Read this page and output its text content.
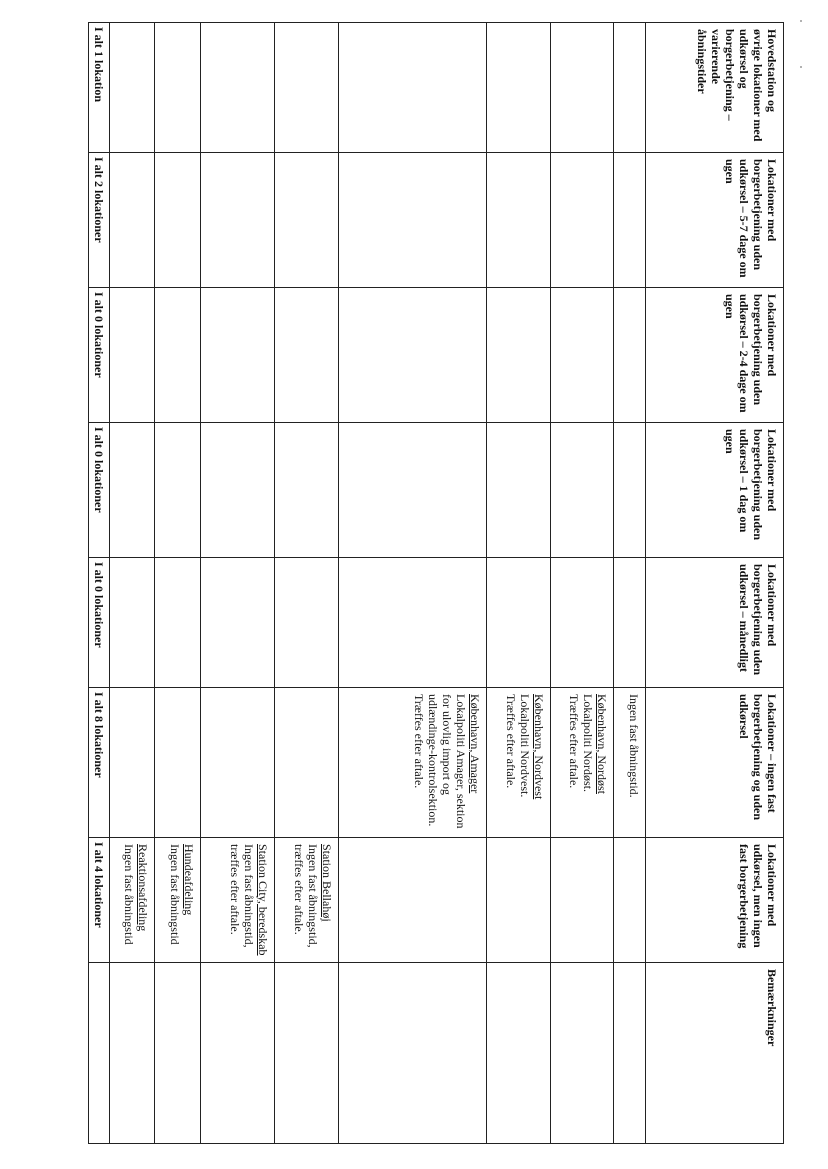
Hovedstation og øvrige lokationer med udkørsel og borgerbetjening – varierende åbningstider	Lokationer med borgerbetjening uden udkørsel – 5-7 dage om ugen	Lokationer med borgerbetjening uden udkørsel – 2-4 dage om ugen	Lokationer med borgerbetjening uden udkørsel – 1 dag om ugen	Lokationer med borgerbetjening uden udkørsel – månedligt	Lokationer – ingen fast borgerbetjening og uden udkørsel	Lokationer med udkørsel, men ingen fast borgerbetjening	Bemærkninger
					Ingen fast åbningstid.		

					København, Nordøst
Lokalpoliti Nordøst. Træffes efter aftale.		

					København, Nordvest
Lokalpoliti Nordvest. Træffes efter aftale.		

					København, Amager
Lokalpoliti Amager, sektion for ulovlig import og udlændinge-kontrolsektion. Træffes efter aftale.		

						Station Bellahøj
Ingen fast åbningstid, træffes efter aftale.	

						Station City, beredskab
Ingen fast åbningstid, træffes efter aftale.	

						Hundeafdeling
Ingen fast åbningstid	

						Reaktionsafdeling
Ingen fast åbningstid	

I alt 1 lokation	I alt 2 lokationer	I alt 0 lokationer	I alt 0 lokationer	I alt 0 lokationer	I alt 8 lokationer	I alt 4 lokationer	
